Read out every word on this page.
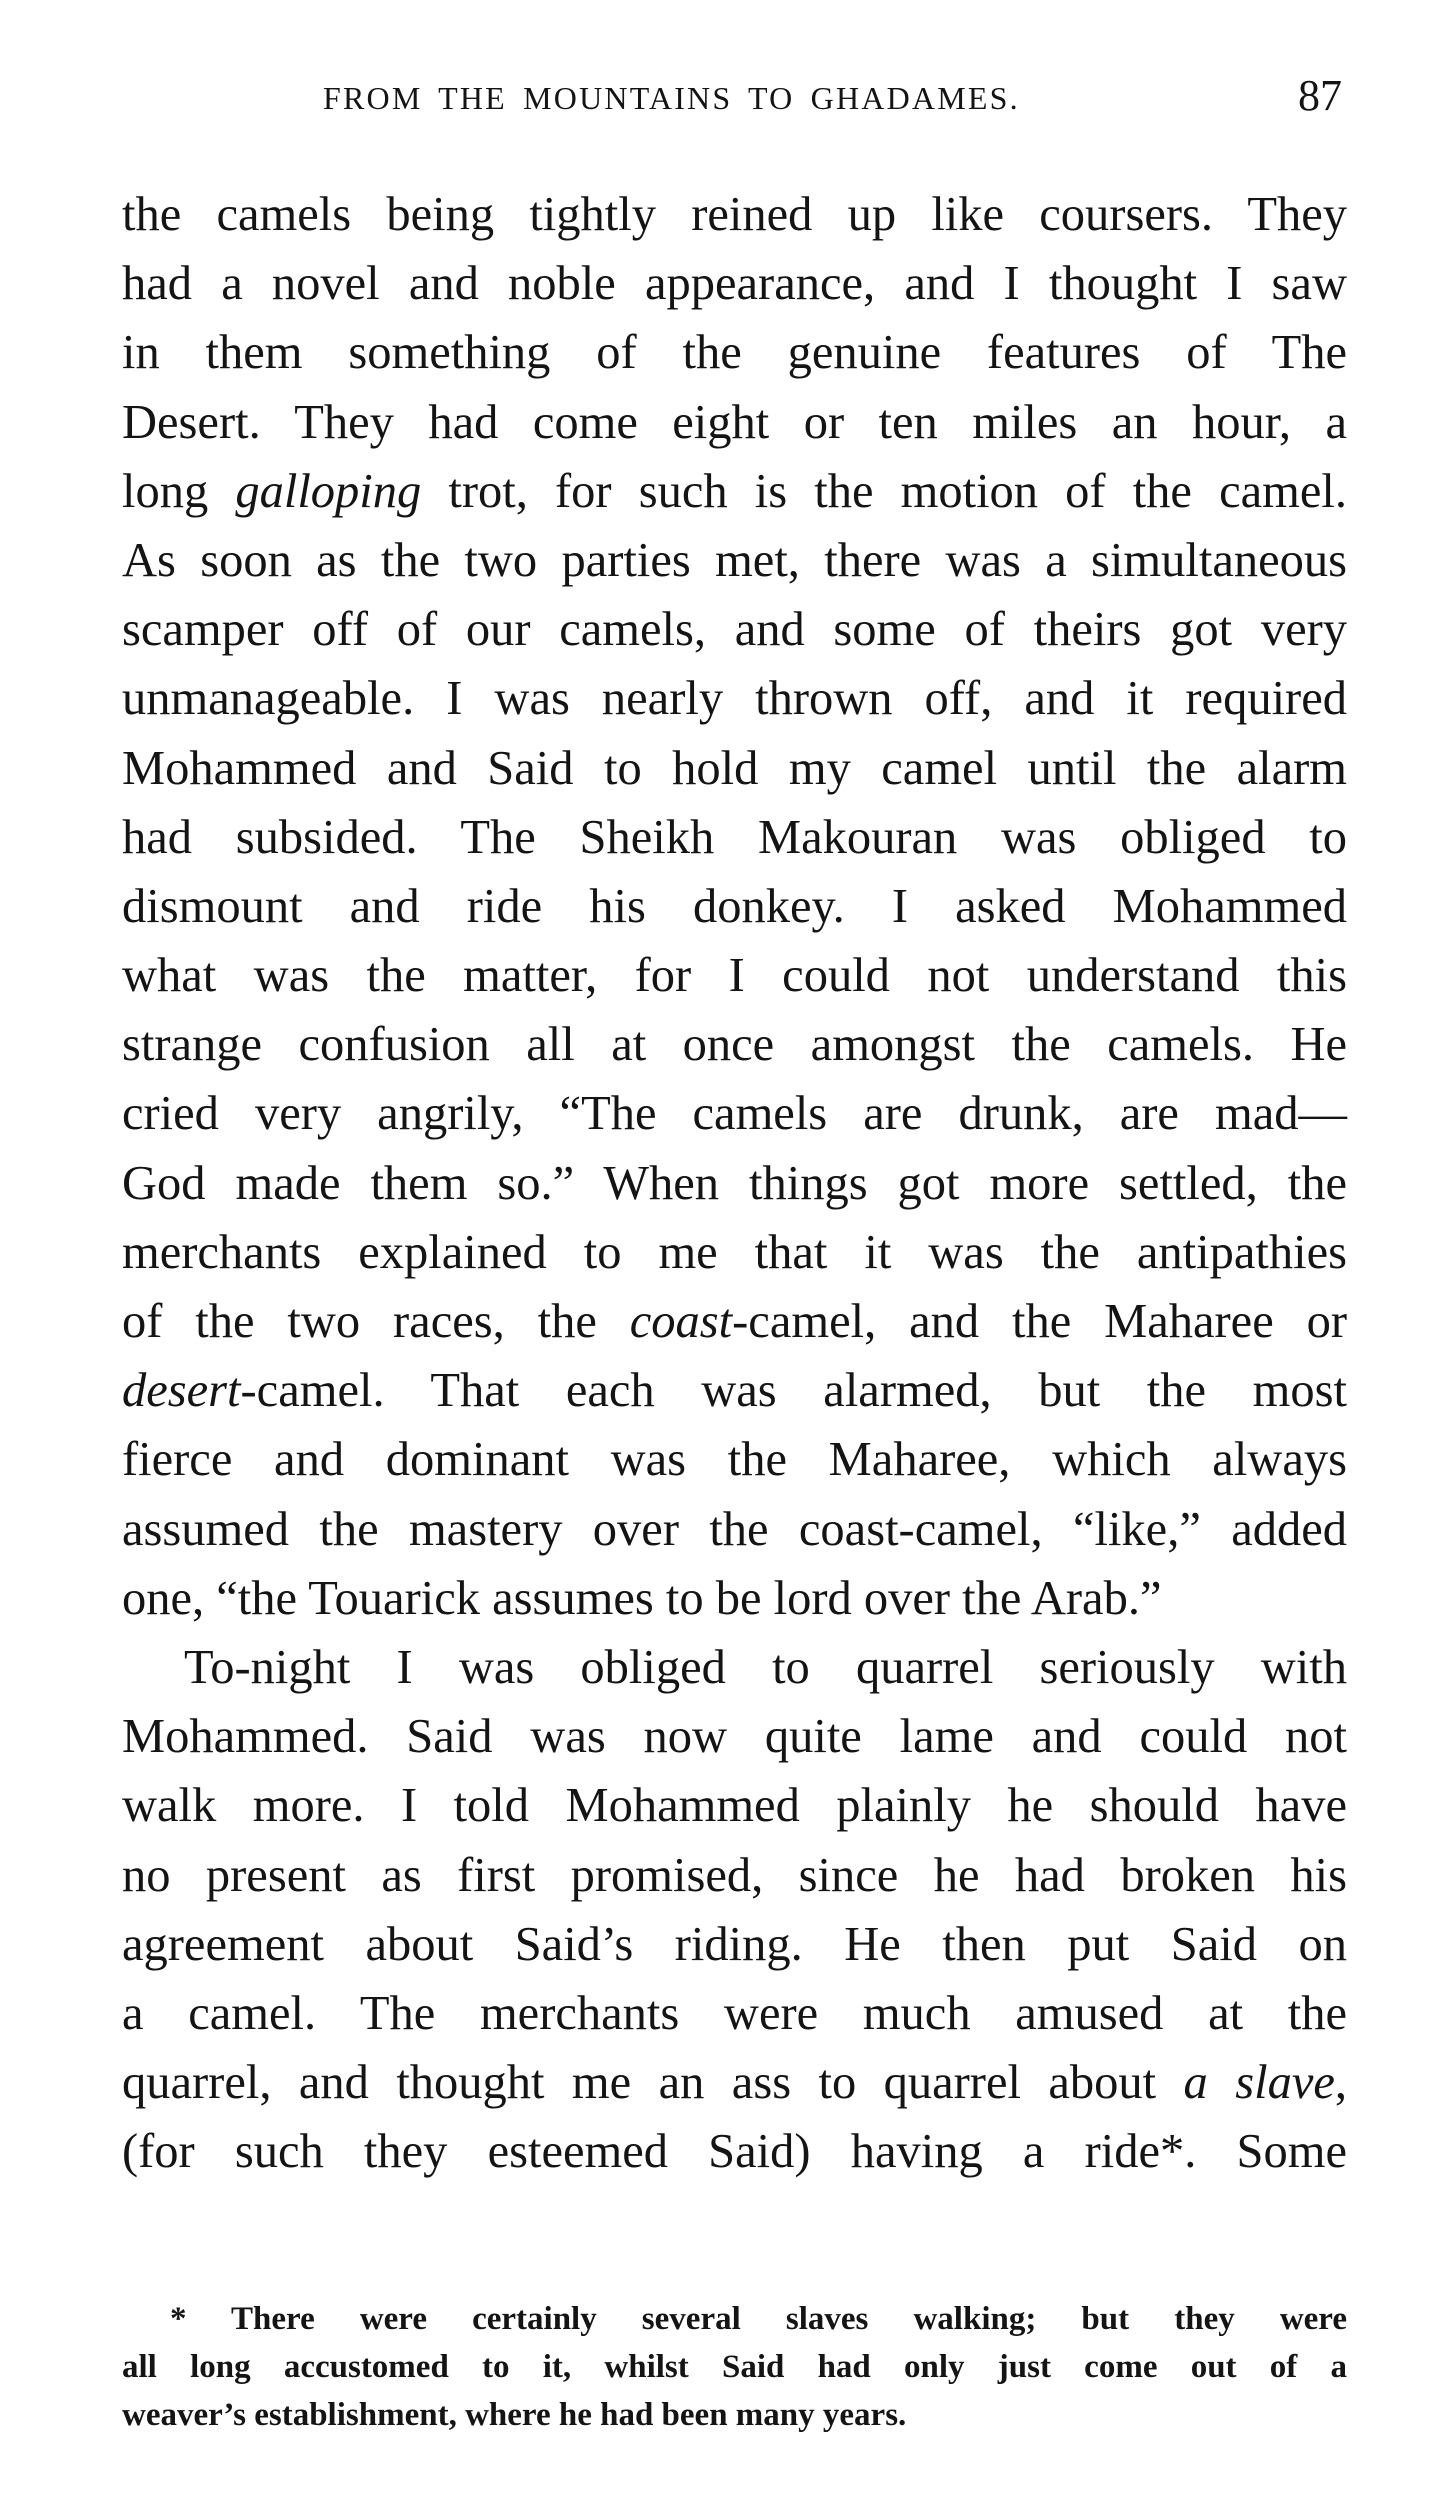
FROM THE MOUNTAINS TO GHADAMES.	87
the camels being tightly reined up like coursers. They
had a novel and noble appearance, and I thought I saw
in them something of the genuine features of The
Desert. They had come eight or ten miles an hour, a
long galloping trot, for such is the motion of the camel.
As soon as the two parties met, there was a simultaneous
scamper off of our camels, and some of theirs got very
unmanageable. I was nearly thrown off, and it required
Mohammed and Said to hold my camel until the alarm
had subsided. The Sheikh Makouran was obliged to
dismount and ride his donkey. I asked Mohammed
what was the matter, for I could not understand this
strange confusion all at once amongst the camels. He
cried very angrily, “The camels are drunk, are mad—
God made them so.” When things got more settled, the
merchants explained to me that it was the antipathies
of the two races, the coast-camel, and the Maharee or
desert-camel. That each was alarmed, but the most
fierce and dominant was the Maharee, which always
assumed the mastery over the coast-camel, “like,” added
one, “the Touarick assumes to be lord over the Arab.”
To-night I was obliged to quarrel seriously with
Mohammed. Said was now quite lame and could not
walk more. I told Mohammed plainly he should have
no present as first promised, since he had broken his
agreement about Said’s riding. He then put Said on
a camel. The merchants were much amused at the
quarrel, and thought me an ass to quarrel about a slave,
(for such they esteemed Said) having a ride*. Some
* There were certainly several slaves walking; but they were
all long accustomed to it, whilst Said had only just come out of a
weaver’s establishment, where he had been many years.
